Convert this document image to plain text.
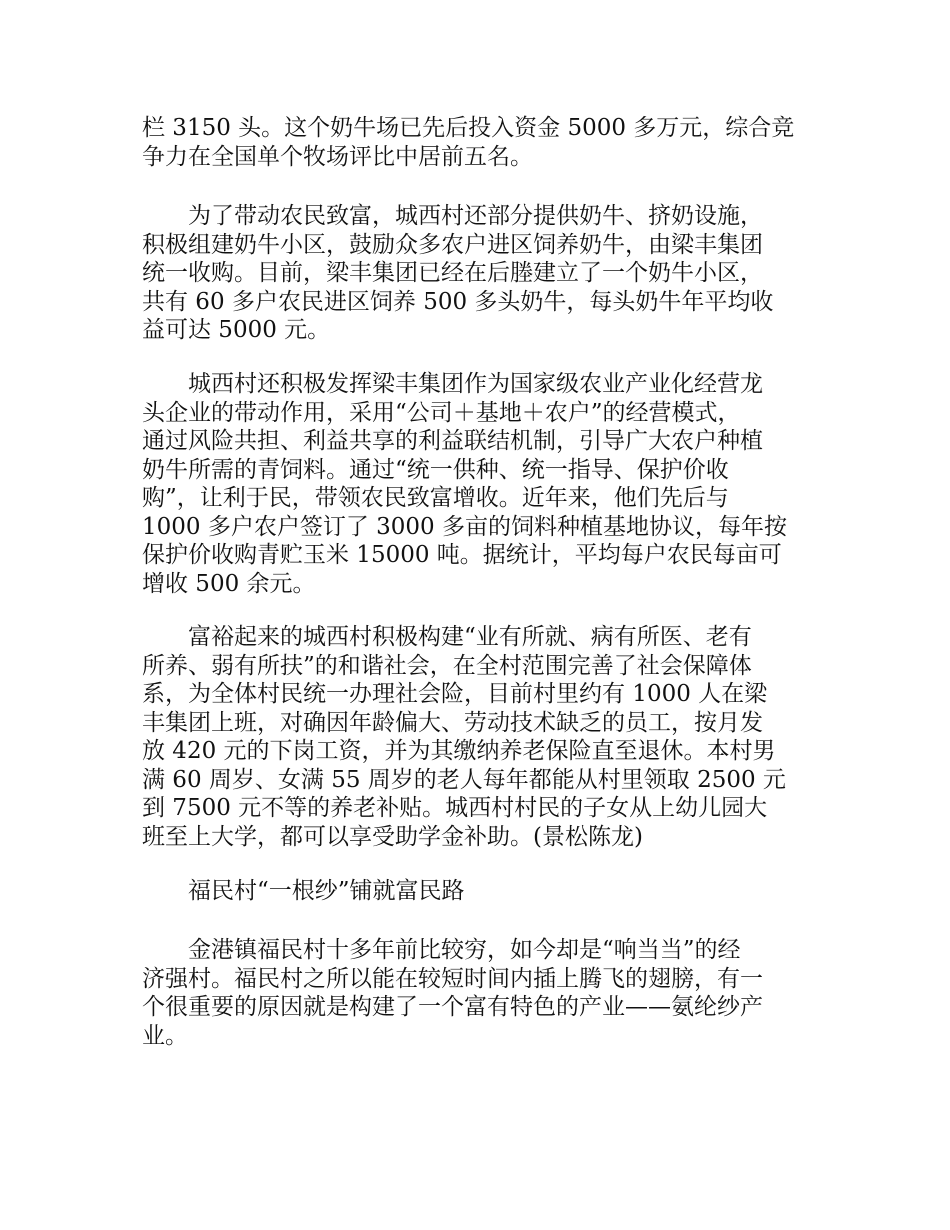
栏 3150 头。这个奶牛场已先后投入资金 5000 多万元，综合竞
争力在全国单个牧场评比中居前五名。

　　为了带动农民致富，城西村还部分提供奶牛、挤奶设施，
积极组建奶牛小区，鼓励众多农户进区饲养奶牛，由梁丰集团
统一收购。目前，梁丰集团已经在后塍建立了一个奶牛小区，
共有 60 多户农民进区饲养 500 多头奶牛，每头奶牛年平均收
益可达 5000 元。

　　城西村还积极发挥梁丰集团作为国家级农业产业化经营龙
头企业的带动作用，采用“公司＋基地＋农户”的经营模式，
通过风险共担、利益共享的利益联结机制，引导广大农户种植
奶牛所需的青饲料。通过“统一供种、统一指导、保护价收
购”，让利于民，带领农民致富增收。近年来，他们先后与
1000 多户农户签订了 3000 多亩的饲料种植基地协议，每年按
保护价收购青贮玉米 15000 吨。据统计，平均每户农民每亩可
增收 500 余元。

　　富裕起来的城西村积极构建“业有所就、病有所医、老有
所养、弱有所扶”的和谐社会，在全村范围完善了社会保障体
系，为全体村民统一办理社会险，目前村里约有 1000 人在梁
丰集团上班，对确因年龄偏大、劳动技术缺乏的员工，按月发
放 420 元的下岗工资，并为其缴纳养老保险直至退休。本村男
满 60 周岁、女满 55 周岁的老人每年都能从村里领取 2500 元
到 7500 元不等的养老补贴。城西村村民的子女从上幼儿园大
班至上大学，都可以享受助学金补助。(景松陈龙)

　　福民村“一根纱”铺就富民路

　　金港镇福民村十多年前比较穷，如今却是“响当当”的经
济强村。福民村之所以能在较短时间内插上腾飞的翅膀，有一
个很重要的原因就是构建了一个富有特色的产业——氨纶纱产
业。
